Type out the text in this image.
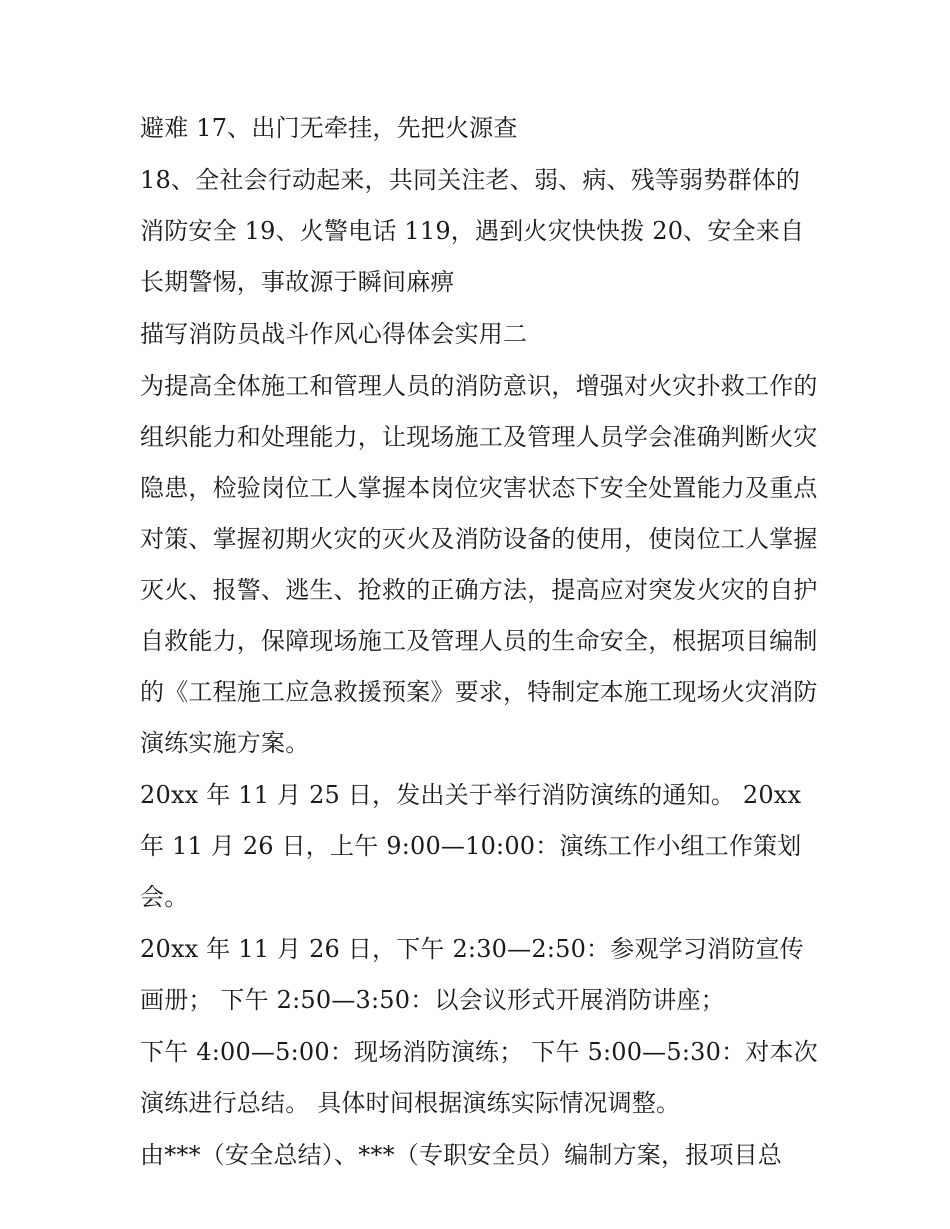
避难 17、出门无牵挂，先把火源查

18、全社会行动起来，共同关注老、弱、病、残等弱势群体的消防安全 19、火警电话 119，遇到火灾快快拨 20、安全来自长期警惕，事故源于瞬间麻痹

描写消防员战斗作风心得体会实用二

为提高全体施工和管理人员的消防意识，增强对火灾扑救工作的组织能力和处理能力，让现场施工及管理人员学会准确判断火灾隐患，检验岗位工人掌握本岗位灾害状态下安全处置能力及重点对策、掌握初期火灾的灭火及消防设备的使用，使岗位工人掌握灭火、报警、逃生、抢救的正确方法，提高应对突发火灾的自护自救能力，保障现场施工及管理人员的生命安全，根据项目编制的《工程施工应急救援预案》要求，特制定本施工现场火灾消防演练实施方案。

20xx 年 11 月 25 日，发出关于举行消防演练的通知。 20xx 年 11 月 26 日，上午 9:00—10:00：演练工作小组工作策划会。

20xx 年 11 月 26 日，下午 2:30—2:50：参观学习消防宣传画册； 下午 2:50—3:50：以会议形式开展消防讲座；

下午 4:00—5:00：现场消防演练； 下午 5:00—5:30：对本次演练进行总结。 具体时间根据演练实际情况调整。

由***（安全总结）、***（专职安全员）编制方案，报项目总
